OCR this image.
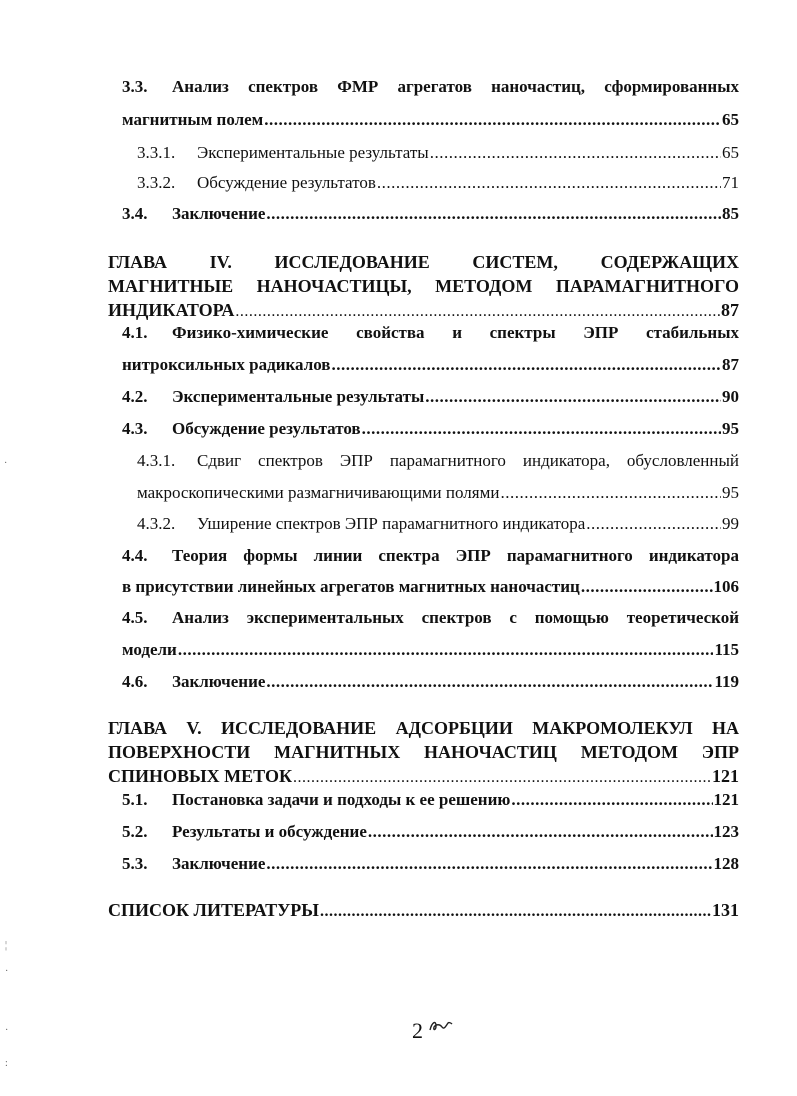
3.3.	Анализ спектров ФМР агрегатов наночастиц, сформированных
магнитным полем .....	65
3.3.1.	Экспериментальные результаты .....	65
3.3.2.	Обсуждение результатов .....	71
3.4.	Заключение .....	85
ГЛАВА IV. ИССЛЕДОВАНИЕ СИСТЕМ, СОДЕРЖАЩИХ
МАГНИТНЫЕ НАНОЧАСТИЦЫ, МЕТОДОМ ПАРАМАГНИТНОГО
ИНДИКАТОРА .....	87
4.1.	Физико-химические свойства и спектры ЭПР стабильных
нитроксильных радикалов .....	87
4.2.	Экспериментальные результаты .....	90
4.3.	Обсуждение результатов .....	95
4.3.1.	Сдвиг спектров ЭПР парамагнитного индикатора, обусловленный
макроскопическими размагничивающими полями .....	95
4.3.2.	Уширение спектров ЭПР парамагнитного индикатора .....	99
4.4.	Теория формы линии спектра ЭПР парамагнитного индикатора
в присутствии линейных агрегатов магнитных наночастиц .....	106
4.5.	Анализ экспериментальных спектров с помощью теоретической
модели .....	115
4.6.	Заключение .....	119
ГЛАВА V. ИССЛЕДОВАНИЕ АДСОРБЦИИ МАКРОМОЛЕКУЛ НА
ПОВЕРХНОСТИ МАГНИТНЫХ НАНОЧАСТИЦ МЕТОДОМ ЭПР
СПИНОВЫХ МЕТОК .....	121
5.1.	Постановка задачи и подходы к ее решению .....	121
5.2.	Результаты и обсуждение .....	123
5.3.	Заключение .....	128
СПИСОК ЛИТЕРАТУРЫ .....	131
2
·
¦
·
·
:
